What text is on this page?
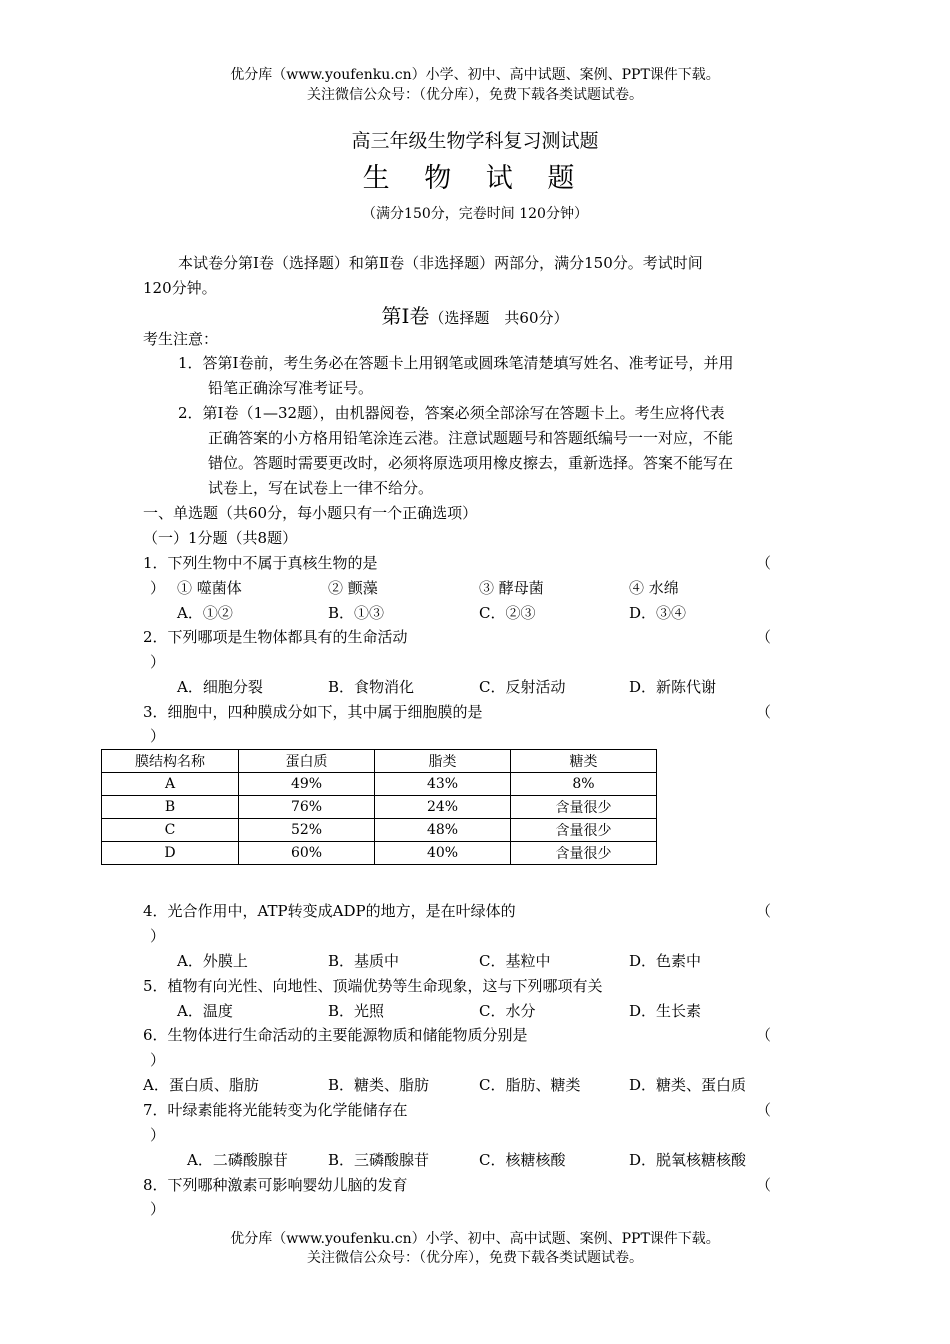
优分库（www.youfenku.cn）小学、初中、高中试题、案例、PPT课件下载。
关注微信公众号：（优分库），免费下载各类试题试卷。
高三年级生物学科复习测试题
生 物 试 题
（满分150分，完卷时间 120分钟）
本试卷分第Ⅰ卷（选择题）和第Ⅱ卷（非选择题）两部分，满分150分。考试时间
120分钟。
第Ⅰ卷（选择题　共60分）
考生注意：
1．答第Ⅰ卷前，考生务必在答题卡上用钢笔或圆珠笔清楚填写姓名、准考证号，并用
铅笔正确涂写准考证号。
2．第Ⅰ卷（1—32题），由机器阅卷，答案必须全部涂写在答题卡上。考生应将代表
正确答案的小方格用铅笔涂连云港。注意试题题号和答题纸编号一一对应，不能
错位。答题时需要更改时，必须将原选项用橡皮擦去，重新选择。答案不能写在
试卷上，写在试卷上一律不给分。
一、单选题（共60分，每小题只有一个正确选项）
（一）1分题（共8题）
1．下列生物中不属于真核生物的是	（
） ① 噬菌体	② 颤藻	③ 酵母菌	④ 水绵
A．①②	B．①③	C．②③	D．③④
2．下列哪项是生物体都具有的生命活动	（
）
A．细胞分裂	B．食物消化	C．反射活动	D．新陈代谢
3．细胞中，四种膜成分如下，其中属于细胞膜的是	（
）
膜结构名称	蛋白质	脂类	糖类
A	49%	43%	8%
B	76%	24%	含量很少
C	52%	48%	含量很少
D	60%	40%	含量很少
4．光合作用中，ATP转变成ADP的地方，是在叶绿体的	（
）
A．外膜上	B．基质中	C．基粒中	D．色素中
5．植物有向光性、向地性、顶端优势等生命现象，这与下列哪项有关
A．温度	B．光照	C．水分	D．生长素
6．生物体进行生命活动的主要能源物质和储能物质分别是	（
）
A．蛋白质、脂肪	B．糖类、脂肪	C．脂肪、糖类	D．糖类、蛋白质
7．叶绿素能将光能转变为化学能储存在	（
）
A．二磷酸腺苷	B．三磷酸腺苷	C．核糖核酸	D．脱氧核糖核酸
8．下列哪种激素可影响婴幼儿脑的发育	（
）
优分库（www.youfenku.cn）小学、初中、高中试题、案例、PPT课件下载。
关注微信公众号：（优分库），免费下载各类试题试卷。
